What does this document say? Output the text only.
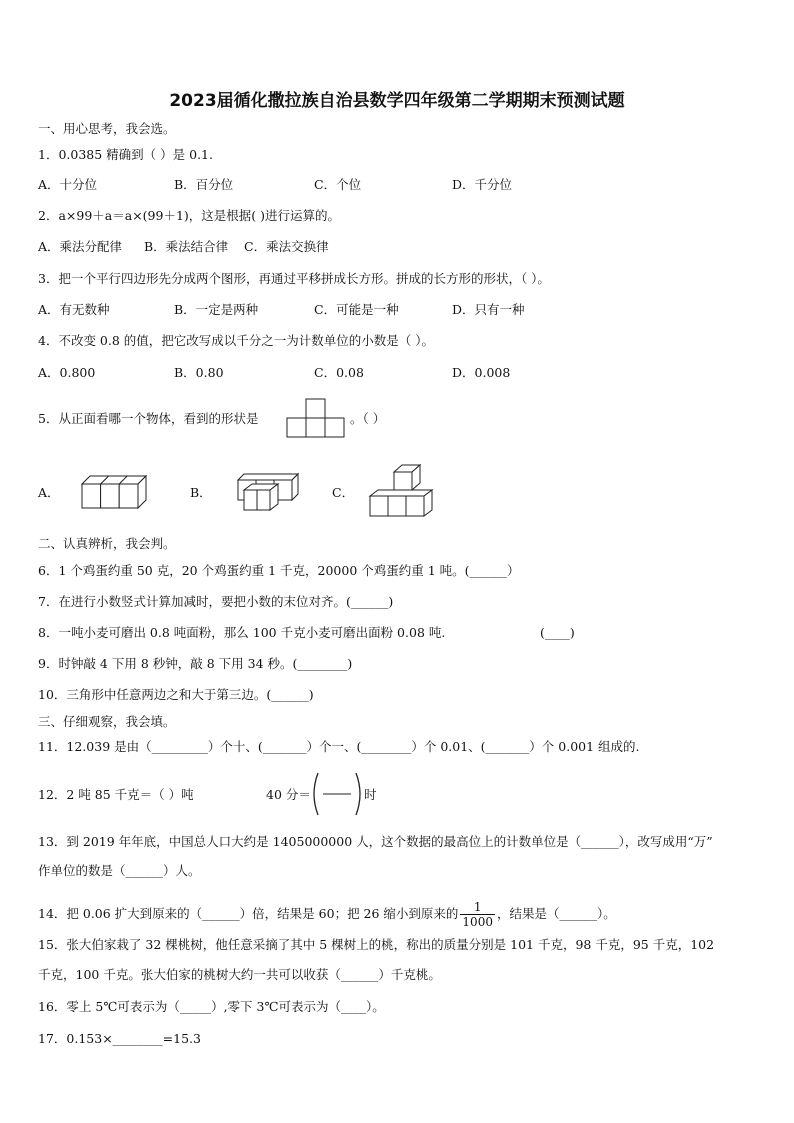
2023届循化撒拉族自治县数学四年级第二学期期末预测试题
一、用心思考，我会选。
1．0.0385 精确到（ ）是 0.1.
A．十分位	B．百分位	C．个位	D．千分位
2．a×99＋a＝a×(99＋1)，这是根据( )进行运算的。
A．乘法分配律 B．乘法结合律 C．乘法交换律
3．把一个平行四边形先分成两个图形，再通过平移拼成长方形。拼成的长方形的形状，（ ）。
A．有无数种	B．一定是两种	C．可能是一种	D．只有一种
4．不改变 0.8 的值，把它改写成以千分之一为计数单位的小数是（ ）。
A．0.800	B．0.80	C．0.08	D．0.008
5．从正面看哪一个物体，看到的形状是	。（ ）
A．	B．	C．
二、认真辨析，我会判。
6．1 个鸡蛋约重 50 克，20 个鸡蛋约重 1 千克，20000 个鸡蛋约重 1 吨。(______）
7．在进行小数竖式计算加减时，要把小数的末位对齐。(______)
8．一吨小麦可磨出 0.8 吨面粉，那么 100 千克小麦可磨出面粉 0.08 吨.	(____)
9．时钟敲 4 下用 8 秒钟，敲 8 下用 34 秒。(________)
10．三角形中任意两边之和大于第三边。(______)
三、仔细观察，我会填。
11．12.039 是由（_________）个十、(_______）个一、(________）个 0.01、(_______）个 0.001 组成的.
12．2 吨 85 千克＝（ ）吨	40 分＝	时
13．到 2019 年年底，中国总人口大约是 1405000000 人，这个数据的最高位上的计数单位是（______），改写成用“万”
作单位的数是（______）人。
14．把 0.06 扩大到原来的（______）倍，结果是 60；把 26 缩小到原来的 $\frac{1}{1000}$ ，结果是（______）。
15．张大伯家栽了 32 棵桃树，他任意采摘了其中 5 棵树上的桃，称出的质量分别是 101 千克，98 千克，95 千克，102
千克，100 千克。张大伯家的桃树大约一共可以收获（______）千克桃。
16．零上 5℃可表示为（_____）,零下 3℃可表示为（____）。
17．0.153×________=15.3
